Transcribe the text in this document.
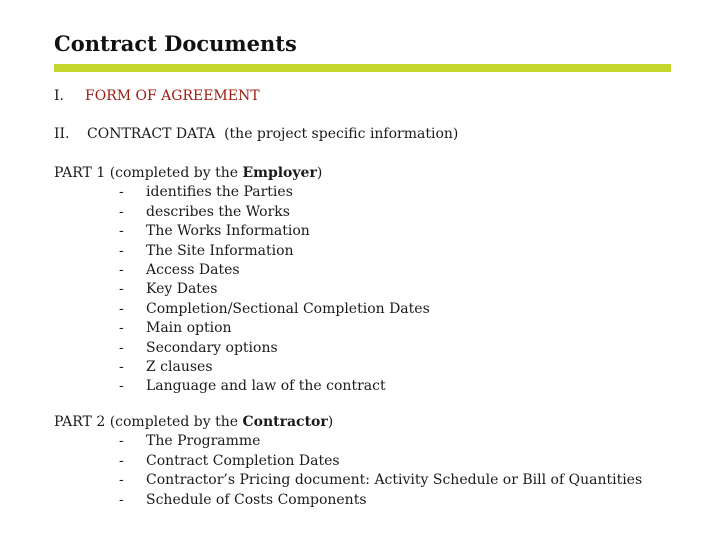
Contract Documents
I. FORM OF AGREEMENT
II. CONTRACT DATA (the project specific information)
PART 1 (completed by the Employer)
- identifies the Parties
- describes the Works
- The Works Information
- The Site Information
- Access Dates
- Key Dates
- Completion/Sectional Completion Dates
- Main option
- Secondary options
- Z clauses
- Language and law of the contract
PART 2 (completed by the Contractor)
- The Programme
- Contract Completion Dates
- Contractor’s Pricing document: Activity Schedule or Bill of Quantities
- Schedule of Costs Components
